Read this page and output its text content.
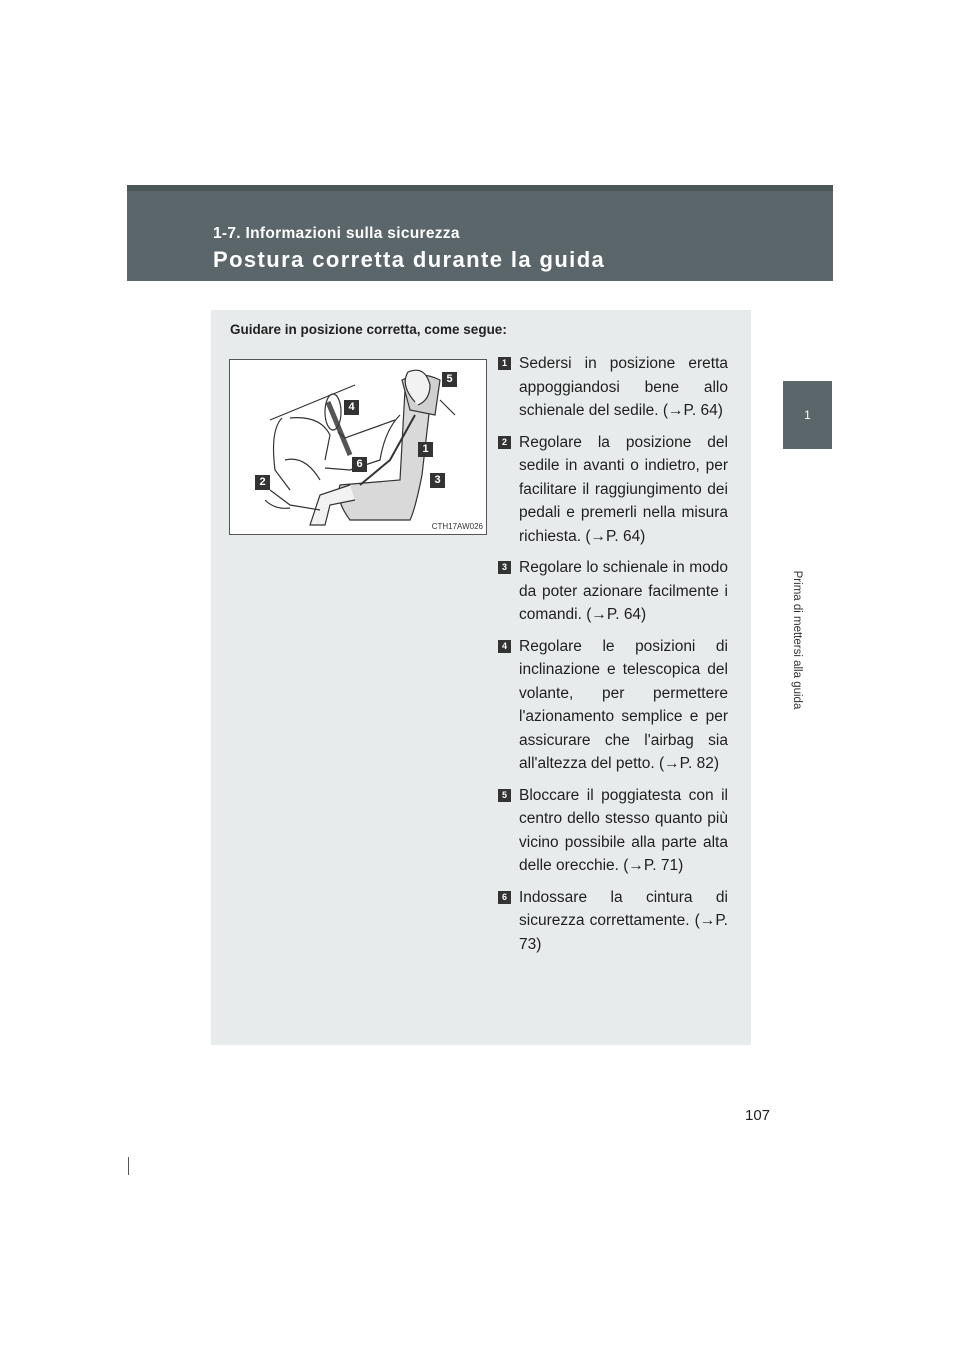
1-7. Informazioni sulla sicurezza
Postura corretta durante la guida
1
Prima di mettersi alla guida
Guidare in posizione corretta, come segue:
5
4
1
6
2	3
CTH17AW026
1 Sedersi in posizione eretta appoggiandosi bene allo schienale del sedile. (→P. 64)
2 Regolare la posizione del sedile in avanti o indietro, per facilitare il raggiungimento dei pedali e premerli nella misura richiesta. (→P. 64)
3 Regolare lo schienale in modo da poter azionare facilmente i comandi. (→P. 64)
4 Regolare le posizioni di inclinazione e telescopica del volante, per permettere l'azionamento semplice e per assicurare che l'airbag sia all'altezza del petto. (→P. 82)
5 Bloccare il poggiatesta con il centro dello stesso quanto più vicino possibile alla parte alta delle orecchie. (→P. 71)
6 Indossare la cintura di sicurezza correttamente. (→P. 73)
107
